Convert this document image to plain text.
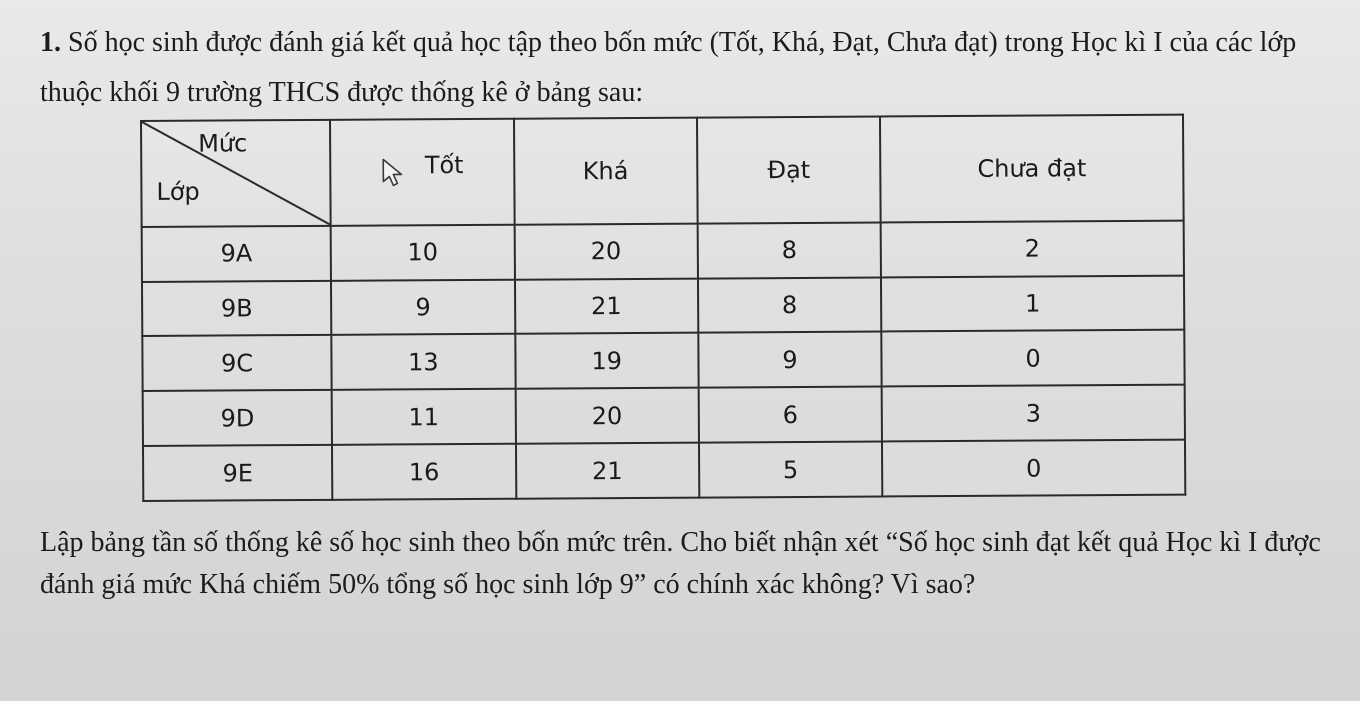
1. Số học sinh được đánh giá kết quả học tập theo bốn mức (Tốt, Khá, Đạt, Chưa đạt) trong Học kì I của các lớp thuộc khối 9 trường THCS được thống kê ở bảng sau:

Mức
Lớp	Tốt	Khá	Đạt	Chưa đạt
9A	10	20	8	2
9B	9	21	8	1
9C	13	19	9	0
9D	11	20	6	3
9E	16	21	5	0

Lập bảng tần số thống kê số học sinh theo bốn mức trên. Cho biết nhận xét “Số học sinh đạt kết quả Học kì I được đánh giá mức Khá chiếm 50% tổng số học sinh lớp 9” có chính xác không? Vì sao?
